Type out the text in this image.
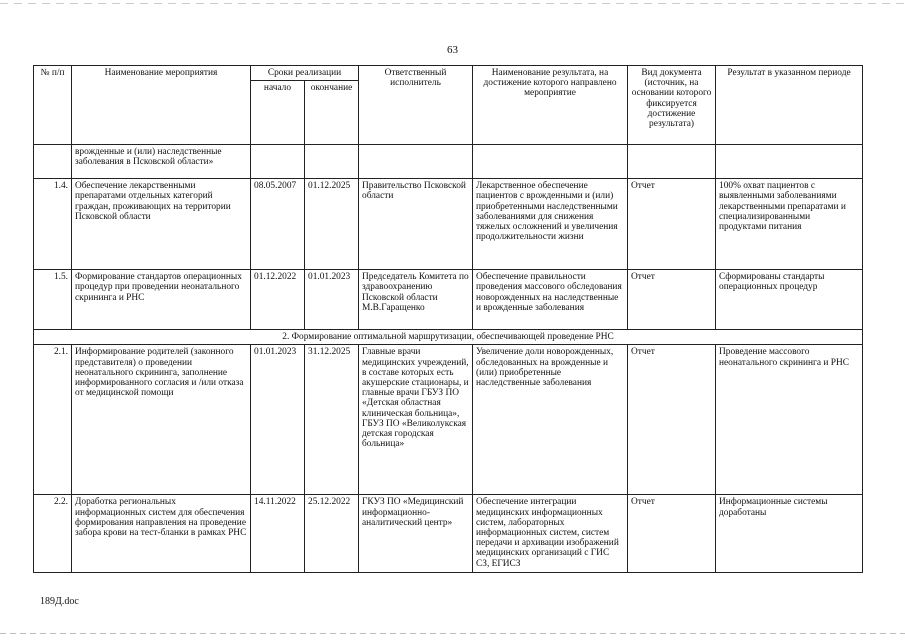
63
№ п/п	Наименование мероприятия	Сроки реализации		Ответственный исполнитель	Наименование результата, на достижение которого направлено мероприятие	Вид документа (источник, на основании которого фиксируется достижение результата)	Результат в указанном периоде
		начало	окончание				
	врожденные и (или) наследственные заболевания в Псковской области»						
1.4.	Обеспечение лекарственными препаратами отдельных категорий граждан, проживающих на территории Псковской области	08.05.2007	01.12.2025	Правительство Псковской области	Лекарственное обеспечение пациентов с врожденными и (или) приобретенными наследственными заболеваниями для снижения тяжелых осложнений и увеличения продолжительности жизни	Отчет	100% охват пациентов с выявленными заболеваниями лекарственными препаратами и специализированными продуктами питания
1.5.	Формирование стандартов операционных процедур при проведении неонатального скрининга и РНС	01.12.2022	01.01.2023	Председатель Комитета по здравоохранению Псковской области М.В.Гаращенко	Обеспечение правильности проведения массового обследования новорожденных на наследственные и врожденные заболевания	Отчет	Сформированы стандарты операционных процедур
2. Формирование оптимальной маршрутизации, обеспечивающей проведение РНС							
2.1.	Информирование родителей (законного представителя) о проведении неонатального скрининга, заполнение информированного согласия и /или отказа от медицинской помощи	01.01.2023	31.12.2025	Главные врачи медицинских учреждений, в составе которых есть акушерские стационары, и главные врачи ГБУЗ ПО «Детская областная клиническая больница», ГБУЗ ПО «Великолукская детская городская больница»	Увеличение доли новорожденных, обследованных на врожденные и (или) приобретенные наследственные заболевания	Отчет	Проведение массового неонатального скрининга и РНС
2.2.	Доработка региональных информационных систем для обеспечения формирования направления на проведение забора крови на тест-бланки в рамках РНС	14.11.2022	25.12.2022	ГКУЗ ПО «Медицинский информационно-аналитический центр»	Обеспечение интеграции медицинских информационных систем, лабораторных информационных систем, систем передачи и архивации изображений медицинских организаций с ГИС СЗ, ЕГИСЗ	Отчет	Информационные системы доработаны
189Д.doc
